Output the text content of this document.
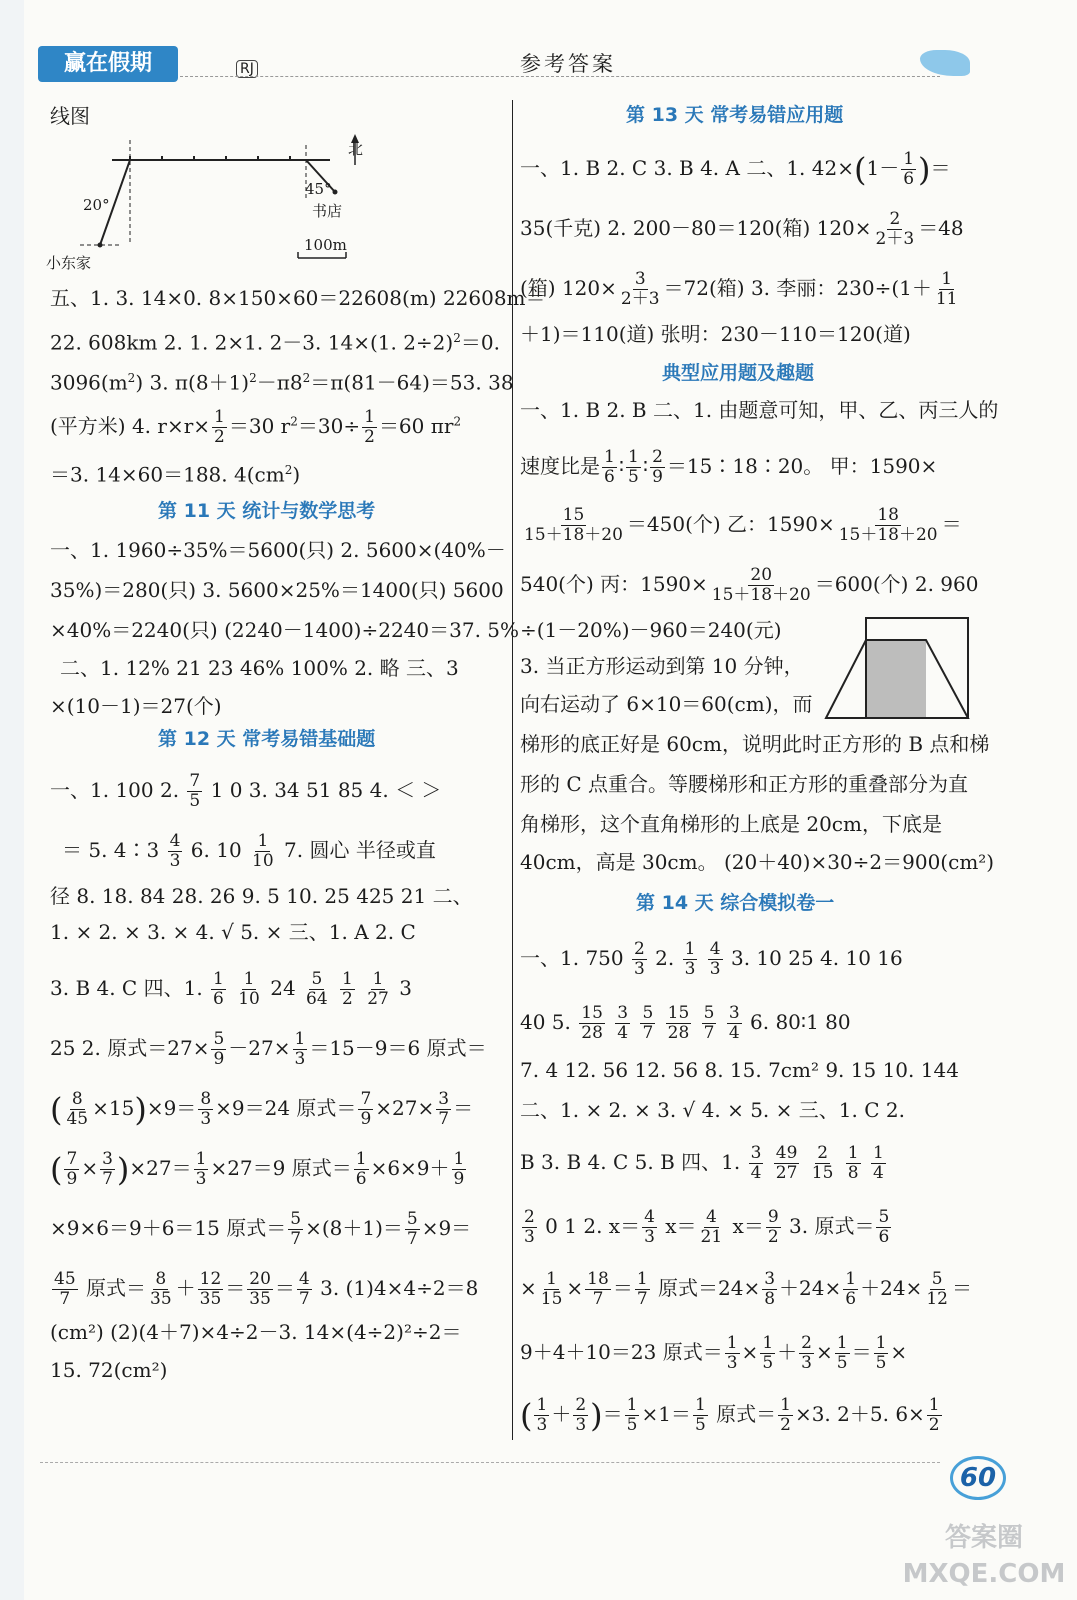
赢在假期	RJ	参考答案
线图
北
20°
45°
书店
100m
小东家
五、1. 3. 14×0. 8×150×60＝22608(m) 22608m＝
22. 608km 2. 1. 2×1. 2－3. 14×(1. 2÷2)$^2$＝0.
$3096(m^2)$ 3. $\pi(8+1)^2-\pi 8^2=\pi(81-64)=53$. 38
(平方米) 4. $r\times r\times \frac{1}{2} =30$ $r^2=30\div \frac{1}{2} =60$ $\pi r^2$
＝3. 14×60＝188. $4(cm^2)$
第 11 天 统计与数学思考
一、1. 1960÷35%＝5600(只) 2. 5600×(40%－
35%)＝280(只) 3. 5600×25%＝1400(只) 5600
×40%＝2240(只) (2240－1400)÷2240＝37. 5%
二、1. 12% 21 23 46% 100% 2. 略 三、3
×(10－1)＝27(个)
第 12 天 常考易错基础题
一、1. 100 2. $\frac{7}{5} 1$ 0 3. 34 51 85 4. ＜ ＞
＝ 5. 4∶3 $\frac{4}{3} 6$. $10 \frac{1}{10} 7$. 圆心 半径或直
径 8. 18. 84 28. 26 9. 5 10. 25 425 21 二、
1. × 2. × 3. × 4. √ 5. × 三、1. A 2. C
3. B 4. C 四、1. $\frac{1}{6}$
$\frac{1}{10} 24 \frac{5}{64}$
$\frac{1}{2}$
$\frac{1}{27} 3$
25 2. 原式$=27\times \frac{5}{9} -27\times \frac{1}{3} =15-9=6$ 原式＝
( $\frac{8}{45} \times 15)\times 9= \frac{8}{3} \times 9=24$ 原式＝ $\frac{7}{9} \times 27\times \frac{3}{7}$ ＝
( $\frac{7}{9} \times \frac{3}{7} )\times 27= \frac{1}{3} \times 27=9$ 原式＝ $\frac{1}{6} \times 6\times 9+ \frac{1}{9}$
×9×6＝9＋6＝15 原式＝ $\frac{5}{7} \times(8+1)= \frac{5}{7} \times 9=$
$\frac{45}{7}$ 原式＝ $\frac{8}{35} + \frac{12}{35} = \frac{20}{35} = \frac{4}{7} 3$. (1)4×4÷2＝8
(cm²) (2)(4＋7)×4÷2－3. 14×(4÷2)²÷2＝
15. 72(cm²)
第 13 天 常考易错应用题
一、1. B 2. C 3. B 4. A 二、1. $42\times(1- \frac{1}{6}$ )＝
35(千克) 2. 200－80＝120(箱) $120\times \frac{2}{2+3} =48$
(箱) $120\times \frac{3}{2+3} =72$(箱) 3. 李丽：$230\div(1+ \frac{1}{11}$
＋1)＝110(道) 张明：230－110＝120(道)
典型应用题及趣题
一、1. B 2. B 二、1. 由题意可知，甲、乙、丙三人的
速度比是 $\frac{1}{6}$ ∶ $\frac{1}{5}$ ∶ $\frac{2}{9}$ ＝15∶18∶20。 甲：1590×
$\frac{15}{15+18+20} =450$(个) 乙：$1590\times \frac{18}{15+18+20}$ ＝
540(个) 丙：$1590\times \frac{20}{15+18+20} =600$(个) 2. 960
÷(1－20%)－960＝240(元)
3. 当正方形运动到第 10 分钟，
向右运动了 6×10＝60(cm)，而
梯形的底正好是 60cm，说明此时正方形的 B 点和梯
形的 C 点重合。等腰梯形和正方形的重叠部分为直
角梯形，这个直角梯形的上底是 20cm，下底是
40cm，高是 30cm。 (20＋40)×30÷2＝900(cm²)
第 14 天 综合模拟卷一
一、1. $750 \frac{2}{3} 2$. $\frac{1}{3}$
$\frac{4}{3} 3$. 10 25 4. 10 16
40 5. $\frac{15}{28}$
$\frac{3}{4}$
$\frac{5}{7}$
$\frac{15}{28}$
$\frac{5}{7}$
$\frac{3}{4} 6$. 80∶1 80
7. 4 12. 56 12. 56 8. 15. 7cm² 9. 15 10. 144
二、1. × 2. × 3. √ 4. × 5. × 三、1. C 2.
B 3. B 4. C 5. B 四、1. $\frac{3}{4}$
$\frac{49}{27}$
$\frac{2}{15}$
$\frac{1}{8}$
$\frac{1}{4}$
$\frac{2}{3} 0$ 1 2. $x= \frac{4}{3} x= \frac{4}{21} x= \frac{9}{2} 3$. 原式＝ $\frac{5}{6}$
× $\frac{1}{15} \times \frac{18}{7} = \frac{1}{7}$ 原式$=24\times \frac{3}{8} +24\times \frac{1}{6} +24\times \frac{5}{12}$ ＝
9＋4＋10＝23 原式＝ $\frac{1}{3} \times \frac{1}{5} + \frac{2}{3} \times \frac{1}{5} = \frac{1}{5}$ ×
( $\frac{1}{3} + \frac{2}{3}$ )＝ $\frac{1}{5} \times 1= \frac{1}{5}$ 原式＝ $\frac{1}{2} \times 3$. 2＋5. $6\times \frac{1}{2}$
60
答案圈 MXQE.COM
